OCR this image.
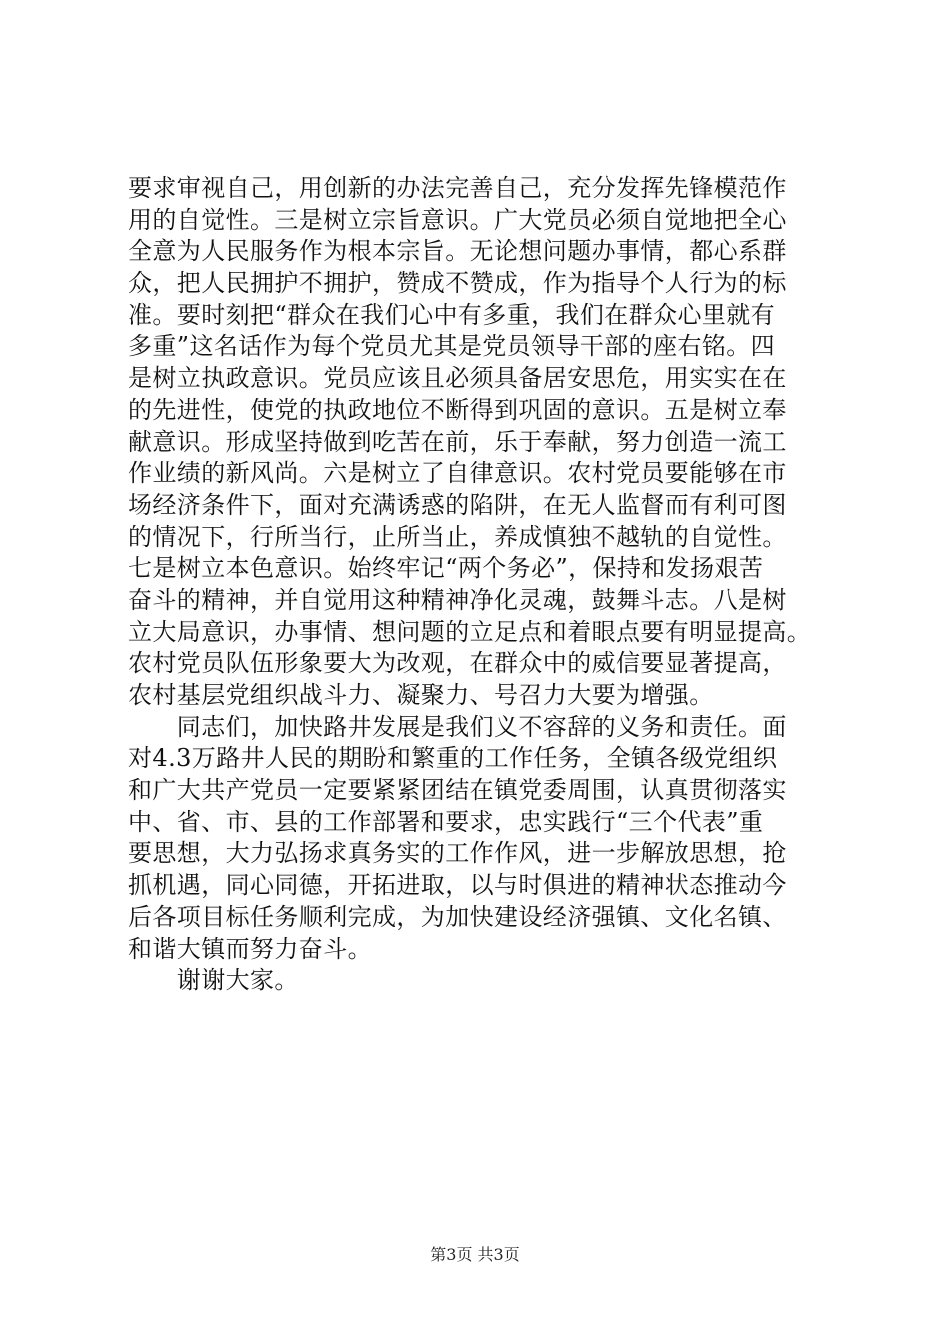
要求审视自己，用创新的办法完善自己，充分发挥先锋模范作
用的自觉性。三是树立宗旨意识。广大党员必须自觉地把全心
全意为人民服务作为根本宗旨。无论想问题办事情，都心系群
众，把人民拥护不拥护，赞成不赞成，作为指导个人行为的标
准。要时刻把“群众在我们心中有多重，我们在群众心里就有
多重”这名话作为每个党员尤其是党员领导干部的座右铭。四
是树立执政意识。党员应该且必须具备居安思危，用实实在在
的先进性，使党的执政地位不断得到巩固的意识。五是树立奉
献意识。形成坚持做到吃苦在前，乐于奉献，努力创造一流工
作业绩的新风尚。六是树立了自律意识。农村党员要能够在市
场经济条件下，面对充满诱惑的陷阱，在无人监督而有利可图
的情况下，行所当行，止所当止，养成慎独不越轨的自觉性。
七是树立本色意识。始终牢记“两个务必”，保持和发扬艰苦
奋斗的精神，并自觉用这种精神净化灵魂，鼓舞斗志。八是树
立大局意识，办事情、想问题的立足点和着眼点要有明显提高。
农村党员队伍形象要大为改观，在群众中的威信要显著提高，
农村基层党组织战斗力、凝聚力、号召力大要为增强。
　　同志们，加快路井发展是我们义不容辞的义务和责任。面
对4.3万路井人民的期盼和繁重的工作任务，全镇各级党组织
和广大共产党员一定要紧紧团结在镇党委周围，认真贯彻落实
中、省、市、县的工作部署和要求，忠实践行“三个代表”重
要思想，大力弘扬求真务实的工作作风，进一步解放思想，抢
抓机遇，同心同德，开拓进取，以与时俱进的精神状态推动今
后各项目标任务顺利完成，为加快建设经济强镇、文化名镇、
和谐大镇而努力奋斗。
　　谢谢大家。
第3页 共3页
